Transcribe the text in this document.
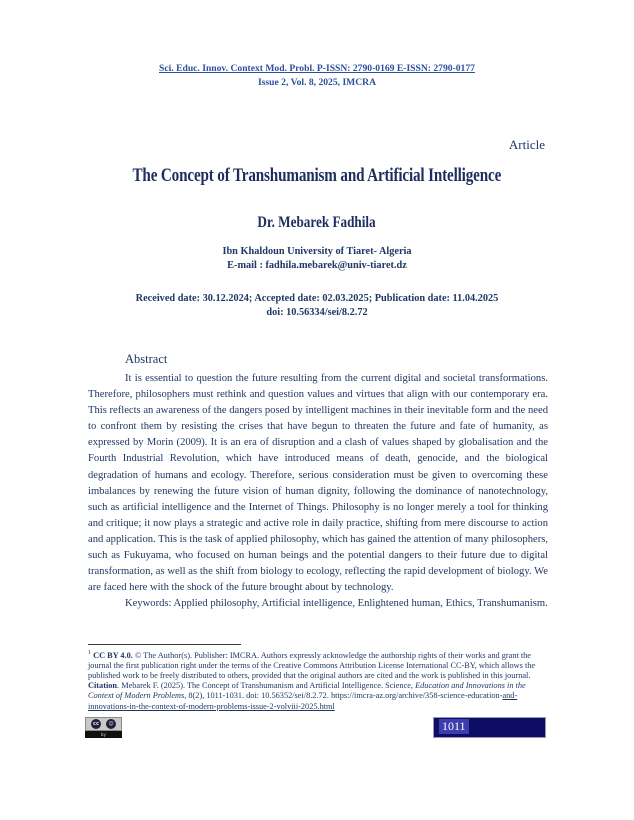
Sci. Educ. Innov. Context Mod. Probl. P-ISSN: 2790-0169 E-ISSN: 2790-0177
Issue 2, Vol. 8, 2025, IMCRA
Article
The Concept of Transhumanism and Artificial Intelligence
Dr. Mebarek Fadhila
Ibn Khaldoun University of Tiaret- Algeria
E-mail : fadhila.mebarek@univ-tiaret.dz
Received date: 30.12.2024; Accepted date: 02.03.2025; Publication date: 11.04.2025
doi: 10.56334/sei/8.2.72
Abstract

It is essential to question the future resulting from the current digital and societal transformations. Therefore, philosophers must rethink and question values and virtues that align with our contemporary era. This reflects an awareness of the dangers posed by intelligent machines in their inevitable form and the need to confront them by resisting the crises that have begun to threaten the future and fate of humanity, as expressed by Morin (2009). It is an era of disruption and a clash of values shaped by globalisation and the Fourth Industrial Revolution, which have introduced means of death, genocide, and the biological degradation of humans and ecology. Therefore, serious consideration must be given to overcoming these imbalances by renewing the future vision of human dignity, following the dominance of nanotechnology, such as artificial intelligence and the Internet of Things. Philosophy is no longer merely a tool for thinking and critique; it now plays a strategic and active role in daily practice, shifting from mere discourse to action and application. This is the task of applied philosophy, which has gained the attention of many philosophers, such as Fukuyama, who focused on human beings and the potential dangers to their future due to digital transformation, as well as the shift from biology to ecology, reflecting the rapid development of biology. We are faced here with the shock of the future brought about by technology.

Keywords: Applied philosophy, Artificial intelligence, Enlightened human, Ethics, Transhumanism.

$^1$ CC BY 4.0. © The Author(s). Publisher: IMCRA. Authors expressly acknowledge the authorship rights of their works and grant the journal the first publication right under the terms of the Creative Commons Attribution License International CC-BY, which allows the published work to be freely distributed to others, provided that the original authors are cited and the work is published in this journal.

Citation. Mebarek F. (2025). The Concept of Transhumanism and Artificial Intelligence. Science, Education and Innovations in the Context of Modern Problems, 8(2), 1011-1031. doi: 10.56352/sei/8.2.72. https://imcra-az.org/archive/358-science-education-and-innovations-in-the-context-of-modern-problems-issue-2-volviii-2025.html

cc	☺
by
1011
